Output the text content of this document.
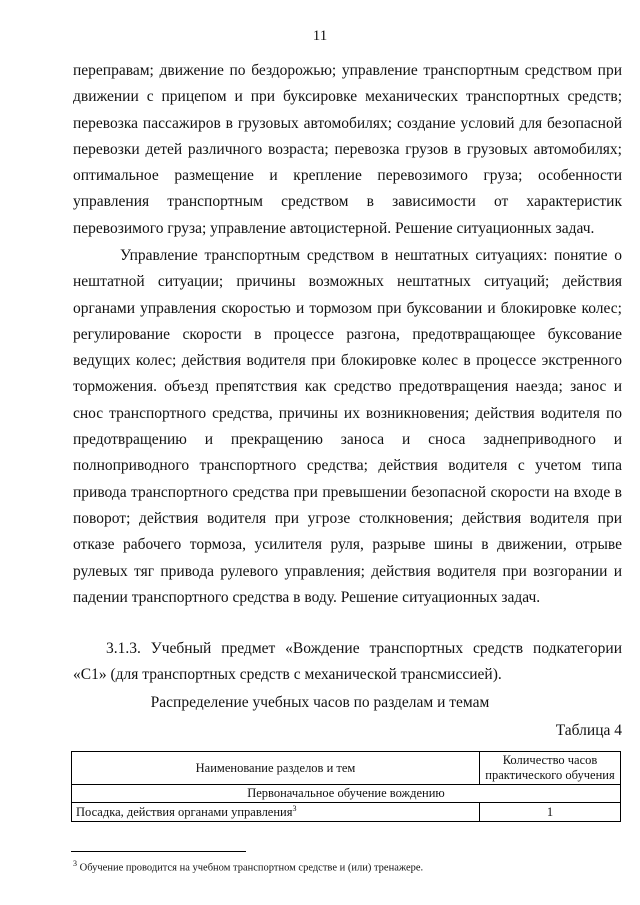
11

переправам; движение по бездорожью; управление транспортным средством при движении с прицепом и при буксировке механических транспортных средств; перевозка пассажиров в грузовых автомобилях; создание условий для безопасной перевозки детей различного возраста; перевозка грузов в грузовых автомобилях; оптимальное размещение и крепление перевозимого груза; особенности управления транспортным средством в зависимости от характеристик перевозимого груза; управление автоцистерной. Решение ситуационных задач.

Управление транспортным средством в нештатных ситуациях: понятие о нештатной ситуации; причины возможных нештатных ситуаций; действия органами управления скоростью и тормозом при буксовании и блокировке колес; регулирование скорости в процессе разгона, предотвращающее буксование ведущих колес; действия водителя при блокировке колес в процессе экстренного торможения. объезд препятствия как средство предотвращения наезда; занос и снос транспортного средства, причины их возникновения; действия водителя по предотвращению и прекращению заноса и сноса заднеприводного и полноприводного транспортного средства; действия водителя с учетом типа привода транспортного средства при превышении безопасной скорости на входе в поворот; действия водителя при угрозе столкновения; действия водителя при отказе рабочего тормоза, усилителя руля, разрыве шины в движении, отрыве рулевых тяг привода рулевого управления; действия водителя при возгорании и падении транспортного средства в воду. Решение ситуационных задач.

3.1.3. Учебный предмет «Вождение транспортных средств подкатегории «С1» (для транспортных средств с механической трансмиссией).

Распределение учебных часов по разделам и темам
Таблица 4
Наименование разделов и тем	Количество часов практического обучения
Первоначальное обучение вождению	
Посадка, действия органами управления$^3$	1
$^3$ Обучение проводится на учебном транспортном средстве и (или) тренажере.
